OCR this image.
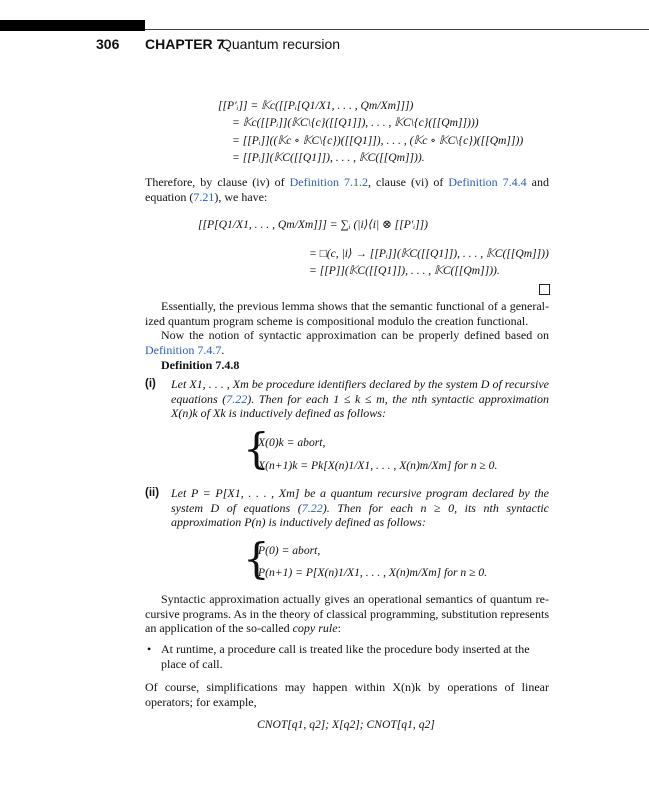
306 CHAPTER 7
Quantum recursion
[[P′ᵢ]] = 𝕂c([[Pᵢ[Q1/X1, . . . , Qm/Xm]]])
= 𝕂c([[Pᵢ]](𝕂C\{c}([[Q1]]), . . . , 𝕂C\{c}([[Qm]])))
= [[Pᵢ]]((𝕂c ∘ 𝕂C\{c})([[Q1]]), . . . , (𝕂c ∘ 𝕂C\{c})([[Qm]]))
= [[Pᵢ]](𝕂C([[Q1]]), . . . , 𝕂C([[Qm]])).
Therefore, by clause (iv) of Definition 7.1.2, clause (vi) of Definition 7.4.4 and equation (7.21), we have:
[[P[Q1/X1, . . . , Qm/Xm]]] = ∑ᵢ (|i⟩⟨i| ⊗ [[P′ᵢ]])
= □(c, |i⟩ → [[Pᵢ]](𝕂C([[Q1]]), . . . , 𝕂C([[Qm]]))
= [[P]](𝕂C([[Q1]]), . . . , 𝕂C([[Qm]])).
Essentially, the previous lemma shows that the semantic functional of a general-ized quantum program scheme is compositional modulo the creation functional.
Now the notion of syntactic approximation can be properly defined based on Definition 7.4.7.
Definition 7.4.8
(i) Let X1, . . . , Xm be procedure identifiers declared by the system D of recursive equations (7.22). Then for each 1 ≤ k ≤ m, the nth syntactic approximation X(n)k of Xk is inductively defined as follows:
{
X(0)k = abort,
X(n+1)k = Pk[X(n)1/X1, . . . , X(n)m/Xm] for n ≥ 0.
(ii) Let P = P[X1, . . . , Xm] be a quantum recursive program declared by the system D of equations (7.22). Then for each n ≥ 0, its nth syntactic approximation P(n) is inductively defined as follows:
{
P(0) = abort,
P(n+1) = P[X(n)1/X1, . . . , X(n)m/Xm] for n ≥ 0.
Syntactic approximation actually gives an operational semantics of quantum re-cursive programs. As in the theory of classical programming, substitution represents an application of the so-called copy rule:
• At runtime, a procedure call is treated like the procedure body inserted at the place of call.
Of course, simplifications may happen within X(n)k by operations of linear operators; for example,
CNOT[q1, q2]; X[q2]; CNOT[q1, q2]
